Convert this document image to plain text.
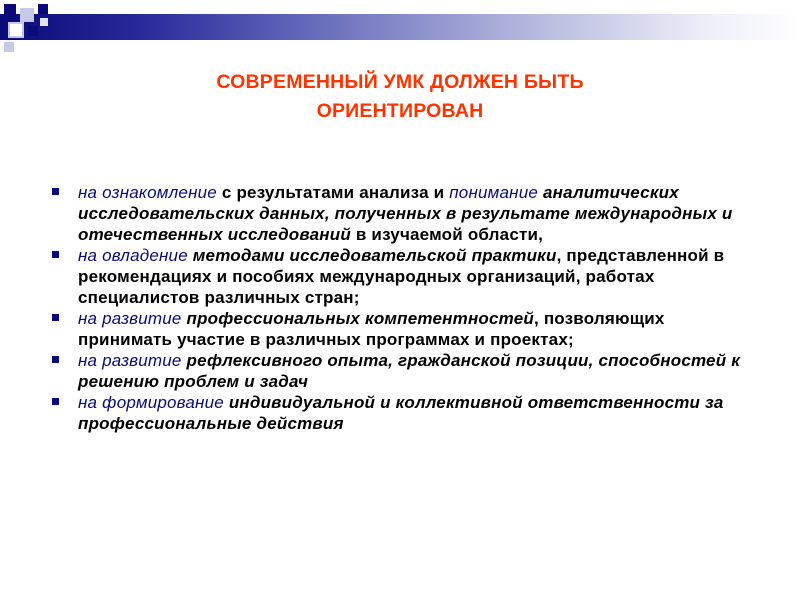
СОВРЕМЕННЫЙ УМК ДОЛЖЕН БЫТЬ
ОРИЕНТИРОВАН
на ознакомление с результатами анализа и понимание аналитических исследовательских данных, полученных в результате международных и отечественных исследований в изучаемой области,
на овладение методами исследовательской практики, представленной в рекомендациях и пособиях международных организаций, работах специалистов различных стран;
на развитие профессиональных компетентностей, позволяющих принимать участие в различных программах и проектах;
на развитие рефлексивного опыта, гражданской позиции, способностей к решению проблем и задач
на формирование индивидуальной и коллективной ответственности за профессиональные действия
